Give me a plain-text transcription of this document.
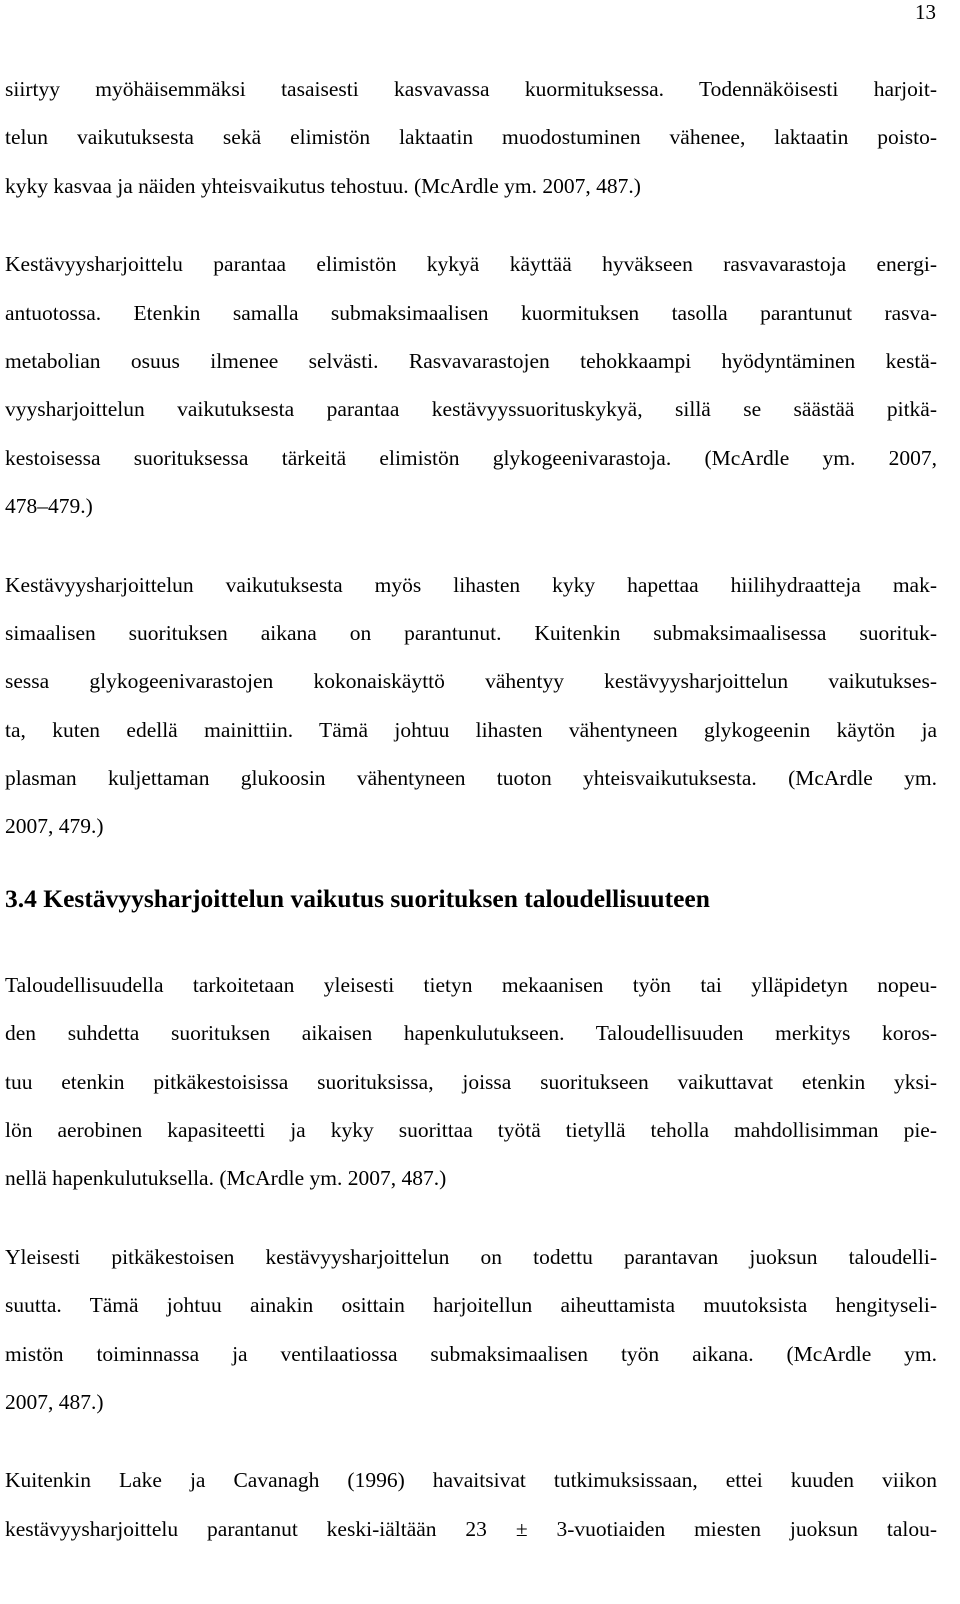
13
siirtyy myöhäisemmäksi tasaisesti kasvavassa kuormituksessa. Todennäköisesti harjoit-
telun vaikutuksesta sekä elimistön laktaatin muodostuminen vähenee, laktaatin poisto-
kyky kasvaa ja näiden yhteisvaikutus tehostuu. (McArdle ym. 2007, 487.)
Kestävyysharjoittelu parantaa elimistön kykyä käyttää hyväkseen rasvavarastoja energi-
antuotossa. Etenkin samalla submaksimaalisen kuormituksen tasolla parantunut rasva-
metabolian osuus ilmenee selvästi. Rasvavarastojen tehokkaampi hyödyntäminen kestä-
vyysharjoittelun vaikutuksesta parantaa kestävyyssuorituskykyä, sillä se säästää pitkä-
kestoisessa suorituksessa tärkeitä elimistön glykogeenivarastoja. (McArdle ym. 2007,
478–479.)
Kestävyysharjoittelun vaikutuksesta myös lihasten kyky hapettaa hiilihydraatteja mak-
simaalisen suorituksen aikana on parantunut. Kuitenkin submaksimaalisessa suorituk-
sessa glykogeenivarastojen kokonaiskäyttö vähentyy kestävyysharjoittelun vaikutukses-
ta, kuten edellä mainittiin. Tämä johtuu lihasten vähentyneen glykogeenin käytön ja
plasman kuljettaman glukoosin vähentyneen tuoton yhteisvaikutuksesta. (McArdle ym.
2007, 479.)
3.4 Kestävyysharjoittelun vaikutus suorituksen taloudellisuuteen
Taloudellisuudella tarkoitetaan yleisesti tietyn mekaanisen työn tai ylläpidetyn nopeu-
den suhdetta suorituksen aikaisen hapenkulutukseen. Taloudellisuuden merkitys koros-
tuu etenkin pitkäkestoisissa suorituksissa, joissa suoritukseen vaikuttavat etenkin yksi-
lön aerobinen kapasiteetti ja kyky suorittaa työtä tietyllä teholla mahdollisimman pie-
nellä hapenkulutuksella. (McArdle ym. 2007, 487.)
Yleisesti pitkäkestoisen kestävyysharjoittelun on todettu parantavan juoksun taloudelli-
suutta. Tämä johtuu ainakin osittain harjoitellun aiheuttamista muutoksista hengityseli-
mistön toiminnassa ja ventilaatiossa submaksimaalisen työn aikana. (McArdle ym.
2007, 487.)
Kuitenkin Lake ja Cavanagh (1996) havaitsivat tutkimuksissaan, ettei kuuden viikon
kestävyysharjoittelu parantanut keski-iältään 23 ± 3-vuotiaiden miesten juoksun talou-
